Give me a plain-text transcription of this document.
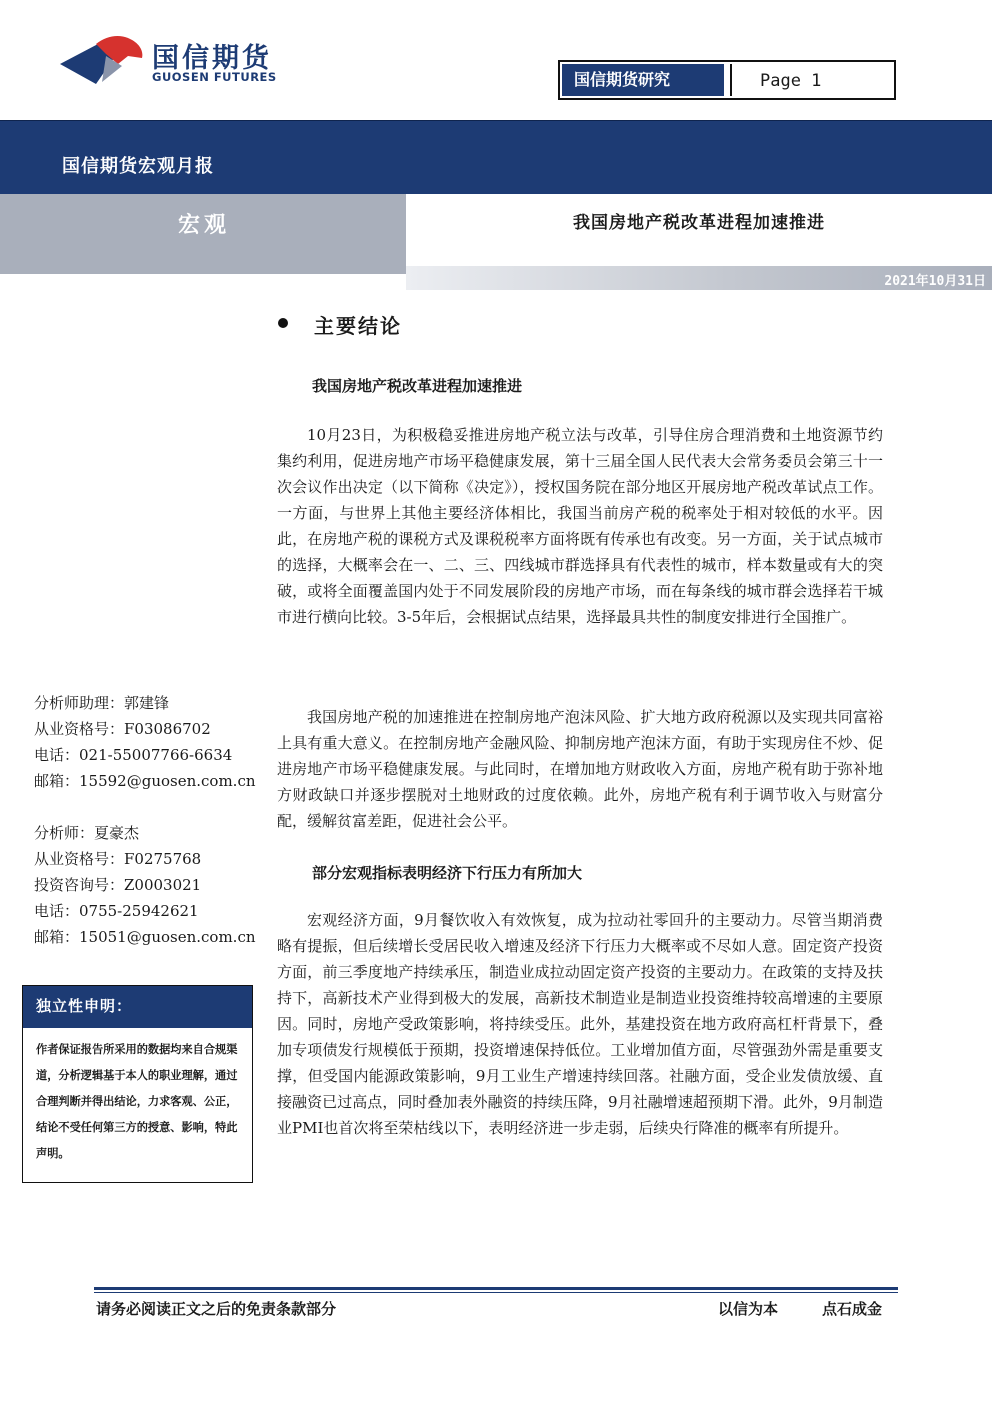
国信期货
GUOSEN FUTURES	国信期货研究	Page 1
国信期货宏观月报
宏观	我国房地产税改革进程加速推进
2021年10月31日
主要结论
我国房地产税改革进程加速推进

10月23日，为积极稳妥推进房地产税立法与改革，引导住房合理消费和土地资源节约集约利用，促进房地产市场平稳健康发展，第十三届全国人民代表大会常务委员会第三十一次会议作出决定（以下简称《决定》），授权国务院在部分地区开展房地产税改革试点工作。一方面，与世界上其他主要经济体相比，我国当前房产税的税率处于相对较低的水平。因此，在房地产税的课税方式及课税税率方面将既有传承也有改变。另一方面，关于试点城市的选择，大概率会在一、二、三、四线城市群选择具有代表性的城市，样本数量或有大的突破，或将全面覆盖国内处于不同发展阶段的房地产市场，而在每条线的城市群会选择若干城市进行横向比较。3-5年后，会根据试点结果，选择最具共性的制度安排进行全国推广。

我国房地产税的加速推进在控制房地产泡沫风险、扩大地方政府税源以及实现共同富裕上具有重大意义。在控制房地产金融风险、抑制房地产泡沫方面，有助于实现房住不炒、促进房地产市场平稳健康发展。与此同时，在增加地方财政收入方面，房地产税有助于弥补地方财政缺口并逐步摆脱对土地财政的过度依赖。此外，房地产税有利于调节收入与财富分配，缓解贫富差距，促进社会公平。

部分宏观指标表明经济下行压力有所加大

宏观经济方面，9月餐饮收入有效恢复，成为拉动社零回升的主要动力。尽管当期消费略有提振，但后续增长受居民收入增速及经济下行压力大概率或不尽如人意。固定资产投资方面，前三季度地产持续承压，制造业成拉动固定资产投资的主要动力。在政策的支持及扶持下，高新技术产业得到极大的发展，高新技术制造业是制造业投资维持较高增速的主要原因。同时，房地产受政策影响，将持续受压。此外，基建投资在地方政府高杠杆背景下，叠加专项债发行规模低于预期，投资增速保持低位。工业增加值方面，尽管强劲外需是重要支撑，但受国内能源政策影响，9月工业生产增速持续回落。社融方面，受企业发债放缓、直接融资已过高点，同时叠加表外融资的持续压降，9月社融增速超预期下滑。此外，9月制造业PMI也首次将至荣枯线以下，表明经济进一步走弱，后续央行降准的概率有所提升。

分析师助理：郭建锋
从业资格号：F03086702
电话：021-55007766-6634
邮箱：15592@guosen.com.cn
分析师：夏豪杰
从业资格号：F0275768
投资咨询号：Z0003021
电话：0755-25942621
邮箱：15051@guosen.com.cn
独立性申明：

作者保证报告所采用的数据均来自合规渠道，分析逻辑基于本人的职业理解，通过合理判断并得出结论，力求客观、公正，结论不受任何第三方的授意、影响，特此声明。

请务必阅读正文之后的免责条款部分	以信为本	点石成金
